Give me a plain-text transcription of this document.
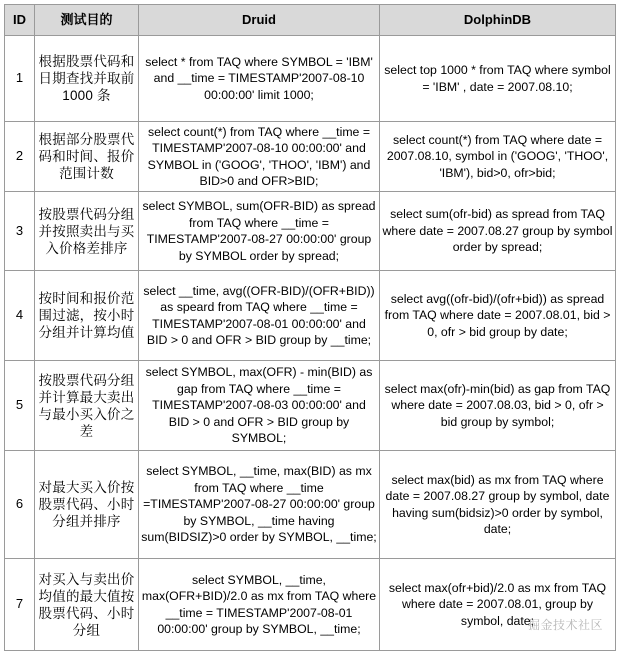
ID	测试目的	Druid	DolphinDB
1	根据股票代码和日期查找并取前 1000 条	select * from TAQ where SYMBOL = 'IBM' and __time = TIMESTAMP'2007-08-10 00:00:00' limit 1000;	select top 1000 * from TAQ where symbol = 'IBM' , date = 2007.08.10;
2	根据部分股票代码和时间、报价范围计数	select count(*) from TAQ where __time = TIMESTAMP'2007-08-10 00:00:00' and SYMBOL in ('GOOG', 'THOO', 'IBM') and BID>0 and OFR>BID;	select count(*) from TAQ where date = 2007.08.10, symbol in ('GOOG', 'THOO', 'IBM'), bid>0, ofr>bid;
3	按股票代码分组并按照卖出与买入价格差排序	select SYMBOL, sum(OFR-BID) as spread from TAQ where __time = TIMESTAMP'2007-08-27 00:00:00' group by SYMBOL order by spread;	select sum(ofr-bid) as spread from TAQ where date = 2007.08.27 group by symbol order by spread;
4	按时间和报价范围过滤，按小时分组并计算均值	select __time, avg((OFR-BID)/(OFR+BID)) as speard from TAQ where __time = TIMESTAMP'2007-08-01 00:00:00' and BID > 0 and OFR > BID group by __time;	select avg((ofr-bid)/(ofr+bid)) as spread from TAQ where date = 2007.08.01, bid > 0, ofr > bid group by date;
5	按股票代码分组并计算最大卖出与最小买入价之差	select SYMBOL, max(OFR) - min(BID) as gap from TAQ where __time = TIMESTAMP'2007-08-03 00:00:00' and BID > 0 and OFR > BID group by SYMBOL;	select max(ofr)-min(bid) as gap from TAQ where date = 2007.08.03, bid > 0, ofr > bid group by symbol;
6	对最大买入价按股票代码、小时分组并排序	select SYMBOL, __time, max(BID) as mx from TAQ where __time =TIMESTAMP'2007-08-27 00:00:00' group by SYMBOL, __time having sum(BIDSIZ)>0 order by SYMBOL, __time;	select max(bid) as mx from TAQ where date = 2007.08.27 group by symbol, date having sum(bidsiz)>0 order by symbol, date;
7	对买入与卖出价均值的最大值按股票代码、小时分组	select SYMBOL, __time, max(OFR+BID)/2.0 as mx from TAQ where __time = TIMESTAMP'2007-08-01 00:00:00' group by SYMBOL, __time;	select max(ofr+bid)/2.0 as mx from TAQ where date = 2007.08.01, group by symbol, date;
掘金技术社区
